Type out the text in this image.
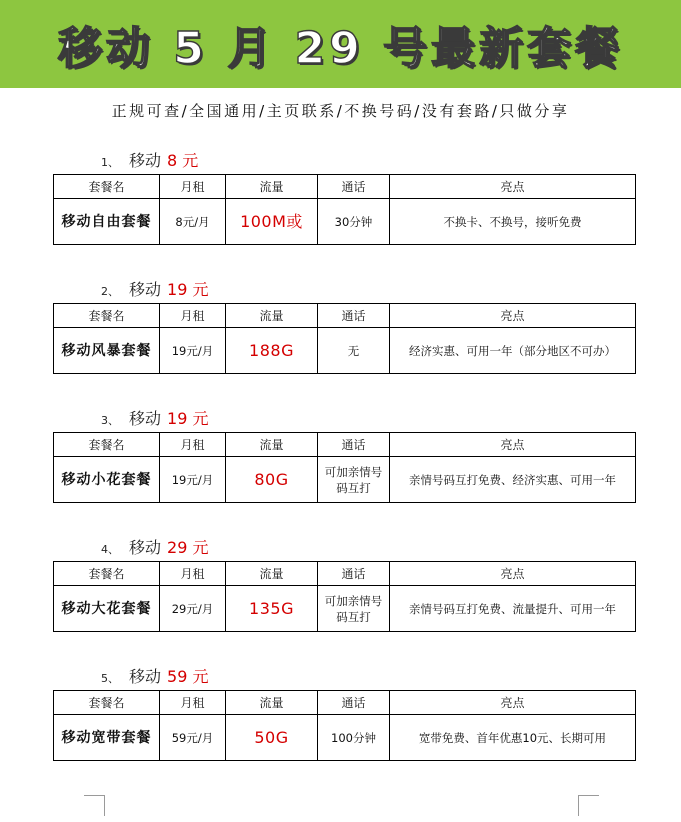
移动 5 月 29 号最新套餐
正规可查/全国通用/主页联系/不换号码/没有套路/只做分享
1、 移动 8 元
套餐名	月租	流量	通话	亮点
移动自由套餐	8元/月	100M或	30分钟	不换卡、不换号，接听免费
2、 移动 19 元
套餐名	月租	流量	通话	亮点
移动风暴套餐	19元/月	188G	无	经济实惠、可用一年（部分地区不可办）
3、 移动 19 元
套餐名	月租	流量	通话	亮点
移动小花套餐	19元/月	80G	可加亲情号码互打	亲情号码互打免费、经济实惠、可用一年
4、 移动 29 元
套餐名	月租	流量	通话	亮点
移动大花套餐	29元/月	135G	可加亲情号码互打	亲情号码互打免费、流量提升、可用一年
5、 移动 59 元
套餐名	月租	流量	通话	亮点
移动宽带套餐	59元/月	50G	100分钟	宽带免费、首年优惠10元、长期可用
